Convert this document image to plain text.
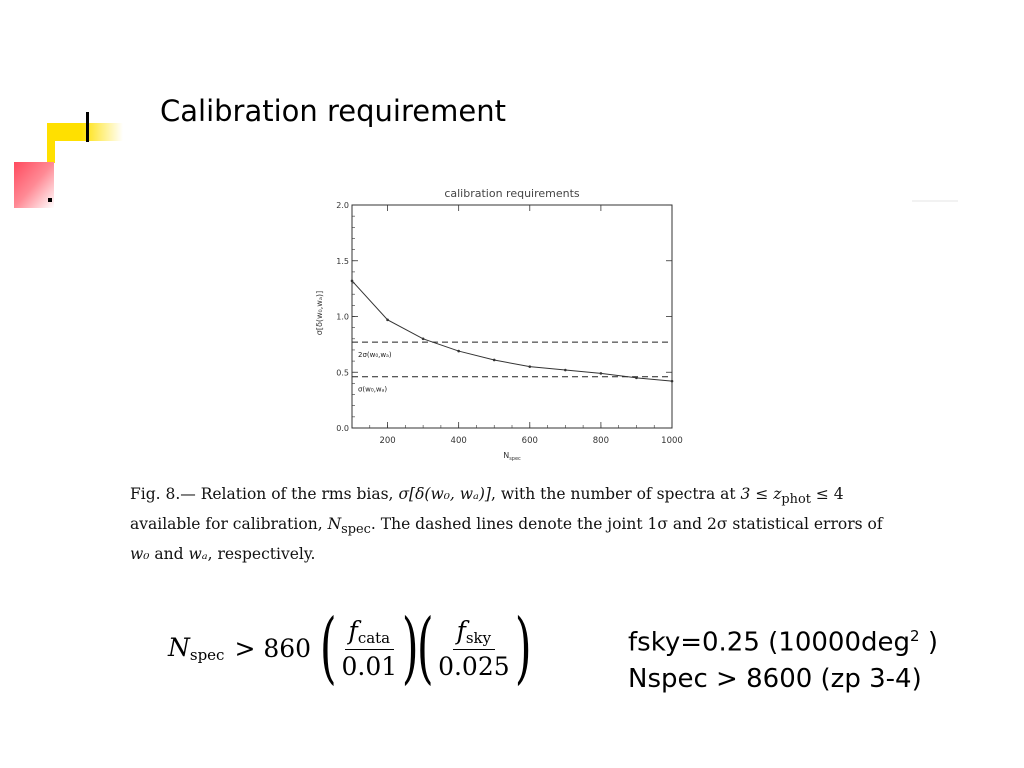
Calibration requirement
calibration requirements
200	400	600	800	1000
0.0
0.5
1.0
1.5
2.0
2σ(w₀,wₐ)
σ(w₀,wₐ)
σ[δ(w₀,wₐ)]
$N_{spec}$
Fig. 8.— Relation of the rms bias, σ[δ(w₀, wₐ)], with the number of spectra at $3 \le z_{phot} \le 4$ available for calibration, $N_{spec}$. The dashed lines denote the joint 1σ and 2σ statistical errors of w₀ and wₐ, respectively.
$N_{spec} > 860$ ( $\frac{f_{cata}}{0.01}$ )
( $\frac{f_{sky}}{0.025}$ )	fsky=0.25 (10000deg$^2$ )
Nspec > 8600 (zp 3-4)
